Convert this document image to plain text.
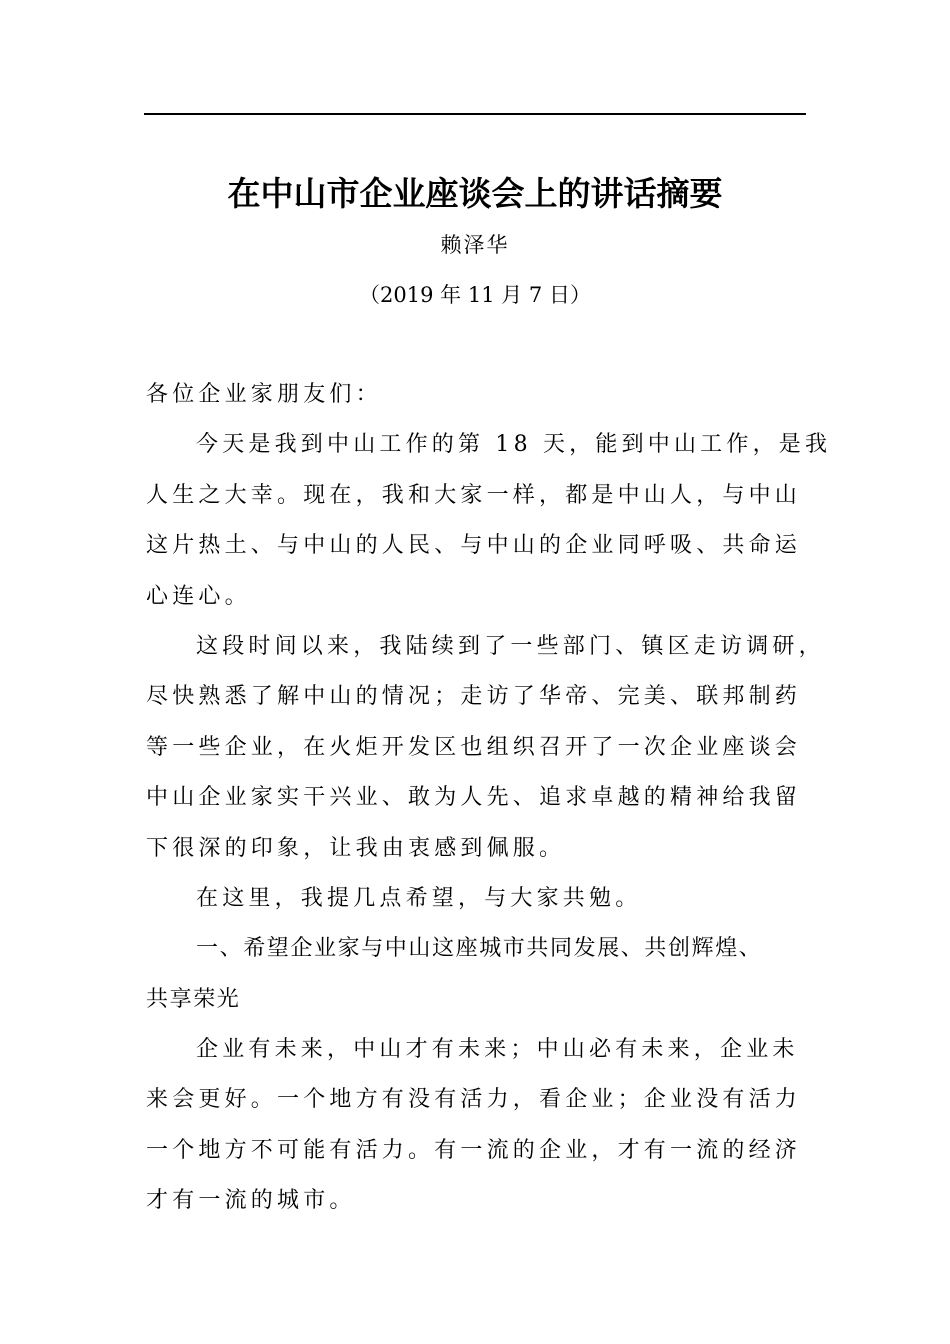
在中山市企业座谈会上的讲话摘要
赖泽华
（2019 年 11 月 7 日）
各位企业家朋友们：
今天是我到中山工作的第 18 天，能到中山工作，是我
人生之大幸。现在，我和大家一样，都是中山人，与中山
这片热土、与中山的人民、与中山的企业同呼吸、共命运
心连心。
这段时间以来，我陆续到了一些部门、镇区走访调研，
尽快熟悉了解中山的情况；走访了华帝、完美、联邦制药
等一些企业，在火炬开发区也组织召开了一次企业座谈会
中山企业家实干兴业、敢为人先、追求卓越的精神给我留
下很深的印象，让我由衷感到佩服。
在这里，我提几点希望，与大家共勉。
一、希望企业家与中山这座城市共同发展、共创辉煌、
共享荣光
企业有未来，中山才有未来；中山必有未来，企业未
来会更好。一个地方有没有活力，看企业；企业没有活力
一个地方不可能有活力。有一流的企业，才有一流的经济
才有一流的城市。
